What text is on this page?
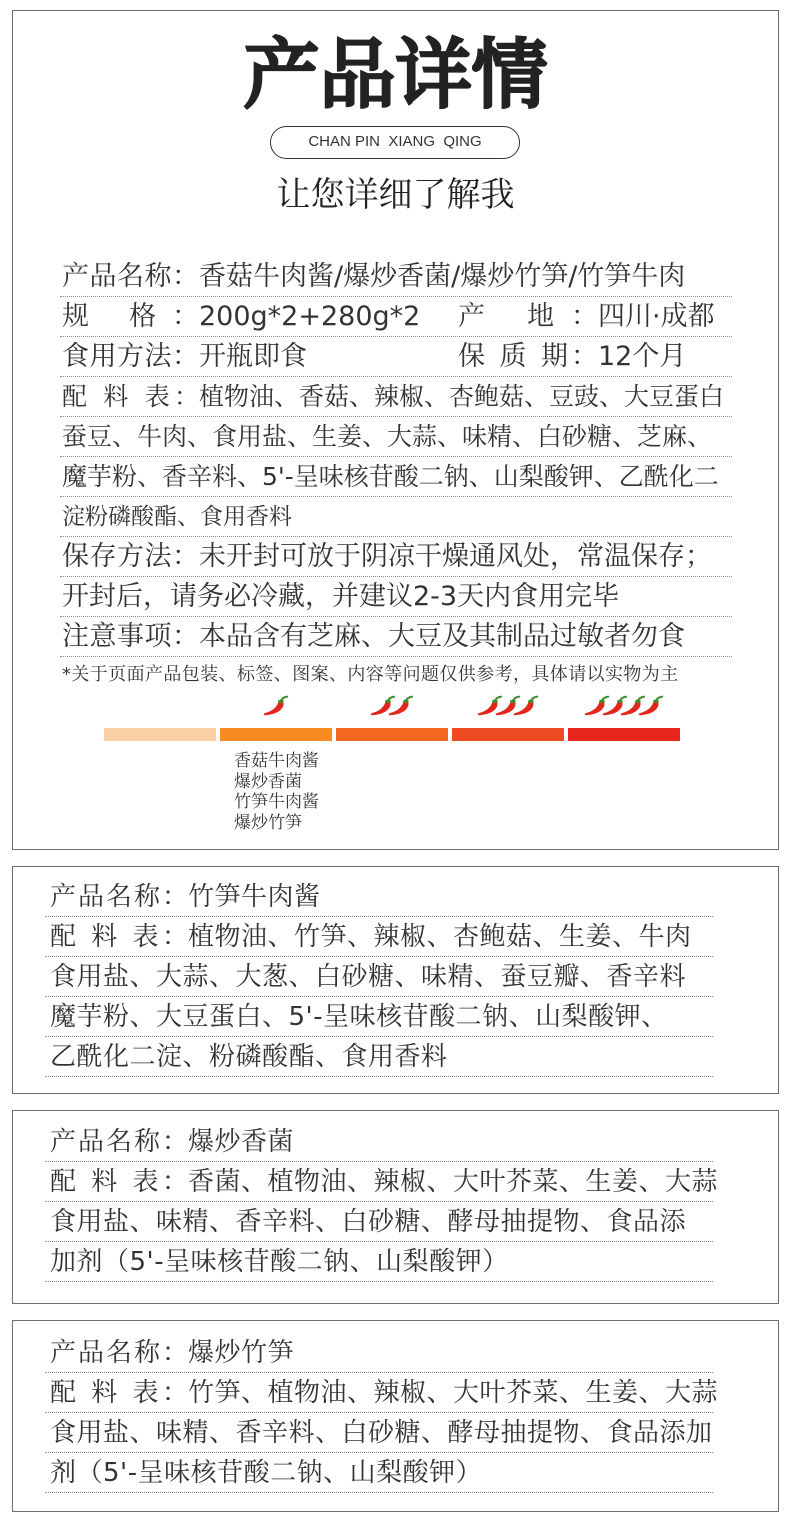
产品详情
CHAN PIN  XIANG  QING
让您详细了解我
产品名称：香菇牛肉酱/爆炒香菌/爆炒竹笋/竹笋牛肉
规 格：200g*2+280g*2 产 地：四川·成都
食用方法：开瓶即食	保 质 期：12个月
配 料 表：植物油、香菇、辣椒、杏鲍菇、豆豉、大豆蛋白
蚕豆、牛肉、食用盐、生姜、大蒜、味精、白砂糖、芝麻、
魔芋粉、香辛料、5'-呈味核苷酸二钠、山梨酸钾、乙酰化二
淀粉磷酸酯、食用香料
保存方法：未开封可放于阴凉干燥通风处，常温保存；
开封后，请务必冷藏，并建议2-3天内食用完毕
注意事项：本品含有芝麻、大豆及其制品过敏者勿食
*关于页面产品包装、标签、图案、内容等问题仅供参考，具体请以实物为主
香菇牛肉酱
爆炒香菌
竹笋牛肉酱
爆炒竹笋
产品名称：竹笋牛肉酱
配 料 表：植物油、竹笋、辣椒、杏鲍菇、生姜、牛肉
食用盐、大蒜、大葱、白砂糖、味精、蚕豆瓣、香辛料
魔芋粉、大豆蛋白、5'-呈味核苷酸二钠、山梨酸钾、
乙酰化二淀、粉磷酸酯、食用香料
产品名称：爆炒香菌
配 料 表：香菌、植物油、辣椒、大叶芥菜、生姜、大蒜
食用盐、味精、香辛料、白砂糖、酵母抽提物、食品添
加剂（5'-呈味核苷酸二钠、山梨酸钾）
产品名称：爆炒竹笋
配 料 表：竹笋、植物油、辣椒、大叶芥菜、生姜、大蒜
食用盐、味精、香辛料、白砂糖、酵母抽提物、食品添加
剂（5'-呈味核苷酸二钠、山梨酸钾）
